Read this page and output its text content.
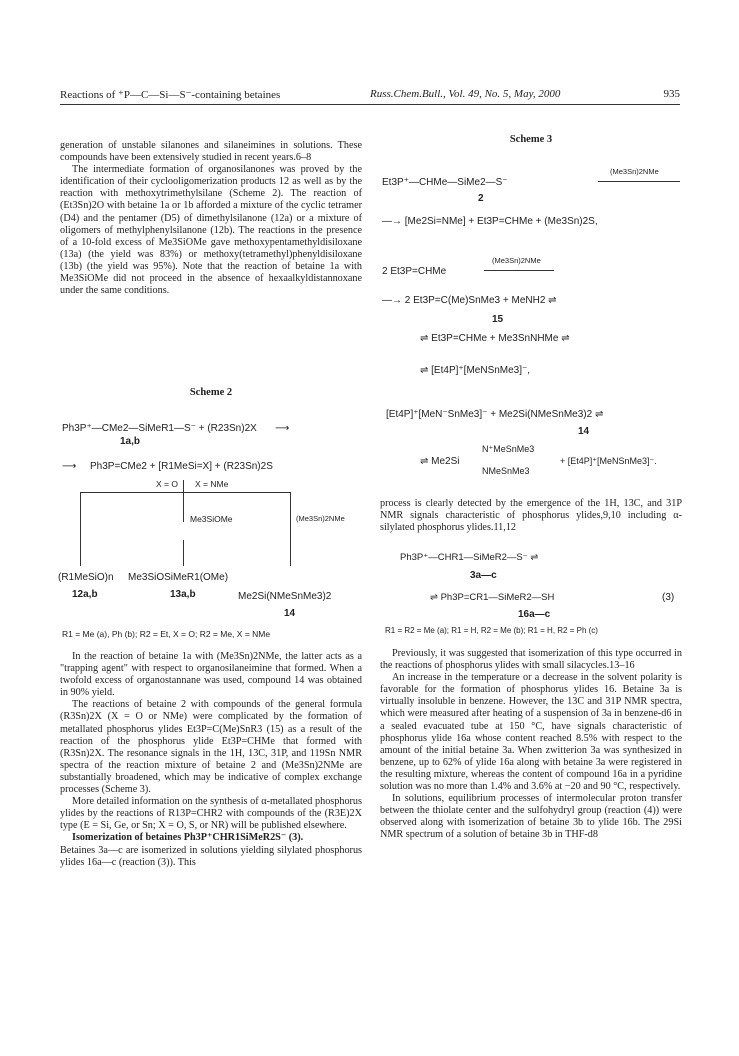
Reactions of ⁺P—C—Si—S⁻-containing betaines	Russ.Chem.Bull., Vol. 49, No. 5, May, 2000	935

generation of unstable silanones and silaneimines in solutions. These compounds have been extensively studied in recent years.6–8

The intermediate formation of organosilanones was proved by the identification of their cyclooligomerization products 12 as well as by the reaction with methoxytrimethylsilane (Scheme 2). The reaction of (Et3Sn)2O with betaine 1a or 1b afforded a mixture of the cyclic tetramer (D4) and the pentamer (D5) of dimethylsilanone (12a) or a mixture of oligomers of methylphenylsilanone (12b). The reactions in the presence of a 10-fold excess of Me3SiOMe gave methoxypentamethyldisiloxane (13a) (the yield was 83%) or methoxy(tetramethyl)phenyldisiloxane (13b) (the yield was 95%). Note that the reaction of betaine 1a with Me3SiOMe did not proceed in the absence of hexaalkyldistannoxane under the same conditions.

Scheme 2
Ph3P⁺—CMe2—SiMeR1—S⁻ + (R23Sn)2X ⟶
1a,b
⟶ Ph3P=CMe2 + [R1MeSi=X] + (R23Sn)2S
X = O X = NMe
Me3SiOMe	(Me3Sn)2NMe
(R1MeSiO)n Me3SiOSiMeR1(OMe)
12a,b	13a,b	Me2Si(NMeSnMe3)2
14
R1 = Me (a), Ph (b); R2 = Et, X = O; R2 = Me, X = NMe

In the reaction of betaine 1a with (Me3Sn)2NMe, the latter acts as a "trapping agent" with respect to organosilaneimine that formed. When a twofold excess of organostannane was used, compound 14 was obtained in 90% yield.

The reactions of betaine 2 with compounds of the general formula (R3Sn)2X (X = O or NMe) were complicated by the formation of metallated phosphorus ylides Et3P=C(Me)SnR3 (15) as a result of the reaction of the phosphorus ylide Et3P=CHMe that formed with (R3Sn)2X. The resonance signals in the 1H, 13C, 31P, and 119Sn NMR spectra of the reaction mixture of betaine 2 and (Me3Sn)2NMe are substantially broadened, which may be indicative of complex exchange processes (Scheme 3).

More detailed information on the synthesis of α-metallated phosphorus ylides by the reactions of R13P=CHR2 with compounds of the (R3E)2X type (E = Si, Ge, or Sn; X = O, S, or NR) will be published elsewhere.

Isomerization of betaines Ph3P⁺CHR1SiMeR2S⁻ (3).

Betaines 3a—c are isomerized in solutions yielding silylated phosphorus ylides 16a—c (reaction (3)). This

Scheme 3
Et3P⁺—CHMe—SiMe2—S⁻
(Me3Sn)2NMe
2
—→ [Me2Si=NMe] + Et3P=CHMe + (Me3Sn)2S,
2 Et3P=CHMe
(Me3Sn)2NMe
—→ 2 Et3P=C(Me)SnMe3 + MeNH2 ⇌
15
⇌ Et3P=CHMe + Me3SnNHMe ⇌
⇌ [Et4P]⁺[MeNSnMe3]⁻,
[Et4P]⁺[MeN⁻SnMe3]⁻ + Me2Si(NMeSnMe3)2 ⇌
14
⇌ Me2Si
N⁺MeSnMe3
NMeSnMe3
+ [Et4P]⁺[MeNSnMe3]⁻.

process is clearly detected by the emergence of the 1H, 13C, and 31P NMR signals characteristic of phosphorus ylides,9,10 including α-silylated phosphorus ylides.11,12

Ph3P⁺—CHR1—SiMeR2—S⁻ ⇌
3a—c
⇌ Ph3P=CR1—SiMeR2—SH	(3)
16a—c
R1 = R2 = Me (a); R1 = H, R2 = Me (b); R1 = H, R2 = Ph (c)

Previously, it was suggested that isomerization of this type occurred in the reactions of phosphorus ylides with small silacycles.13–16

An increase in the temperature or a decrease in the solvent polarity is favorable for the formation of phosphorus ylides 16. Betaine 3a is virtually insoluble in benzene. However, the 13C and 31P NMR spectra, which were measured after heating of a suspension of 3a in benzene-d6 in a sealed evacuated tube at 150 °C, have signals characteristic of phosphorus ylide 16a whose content reached 8.5% with respect to the amount of the initial betaine 3a. When zwitterion 3a was synthesized in benzene, up to 62% of ylide 16a along with betaine 3a were registered in the resulting mixture, whereas the content of compound 16a in a pyridine solution was no more than 1.4% and 3.6% at −20 and 90 °C, respectively.

In solutions, equilibrium processes of intermolecular proton transfer between the thiolate center and the sulfohydryl group (reaction (4)) were observed along with isomerization of betaine 3b to ylide 16b. The 29Si NMR spectrum of a solution of betaine 3b in THF-d8
